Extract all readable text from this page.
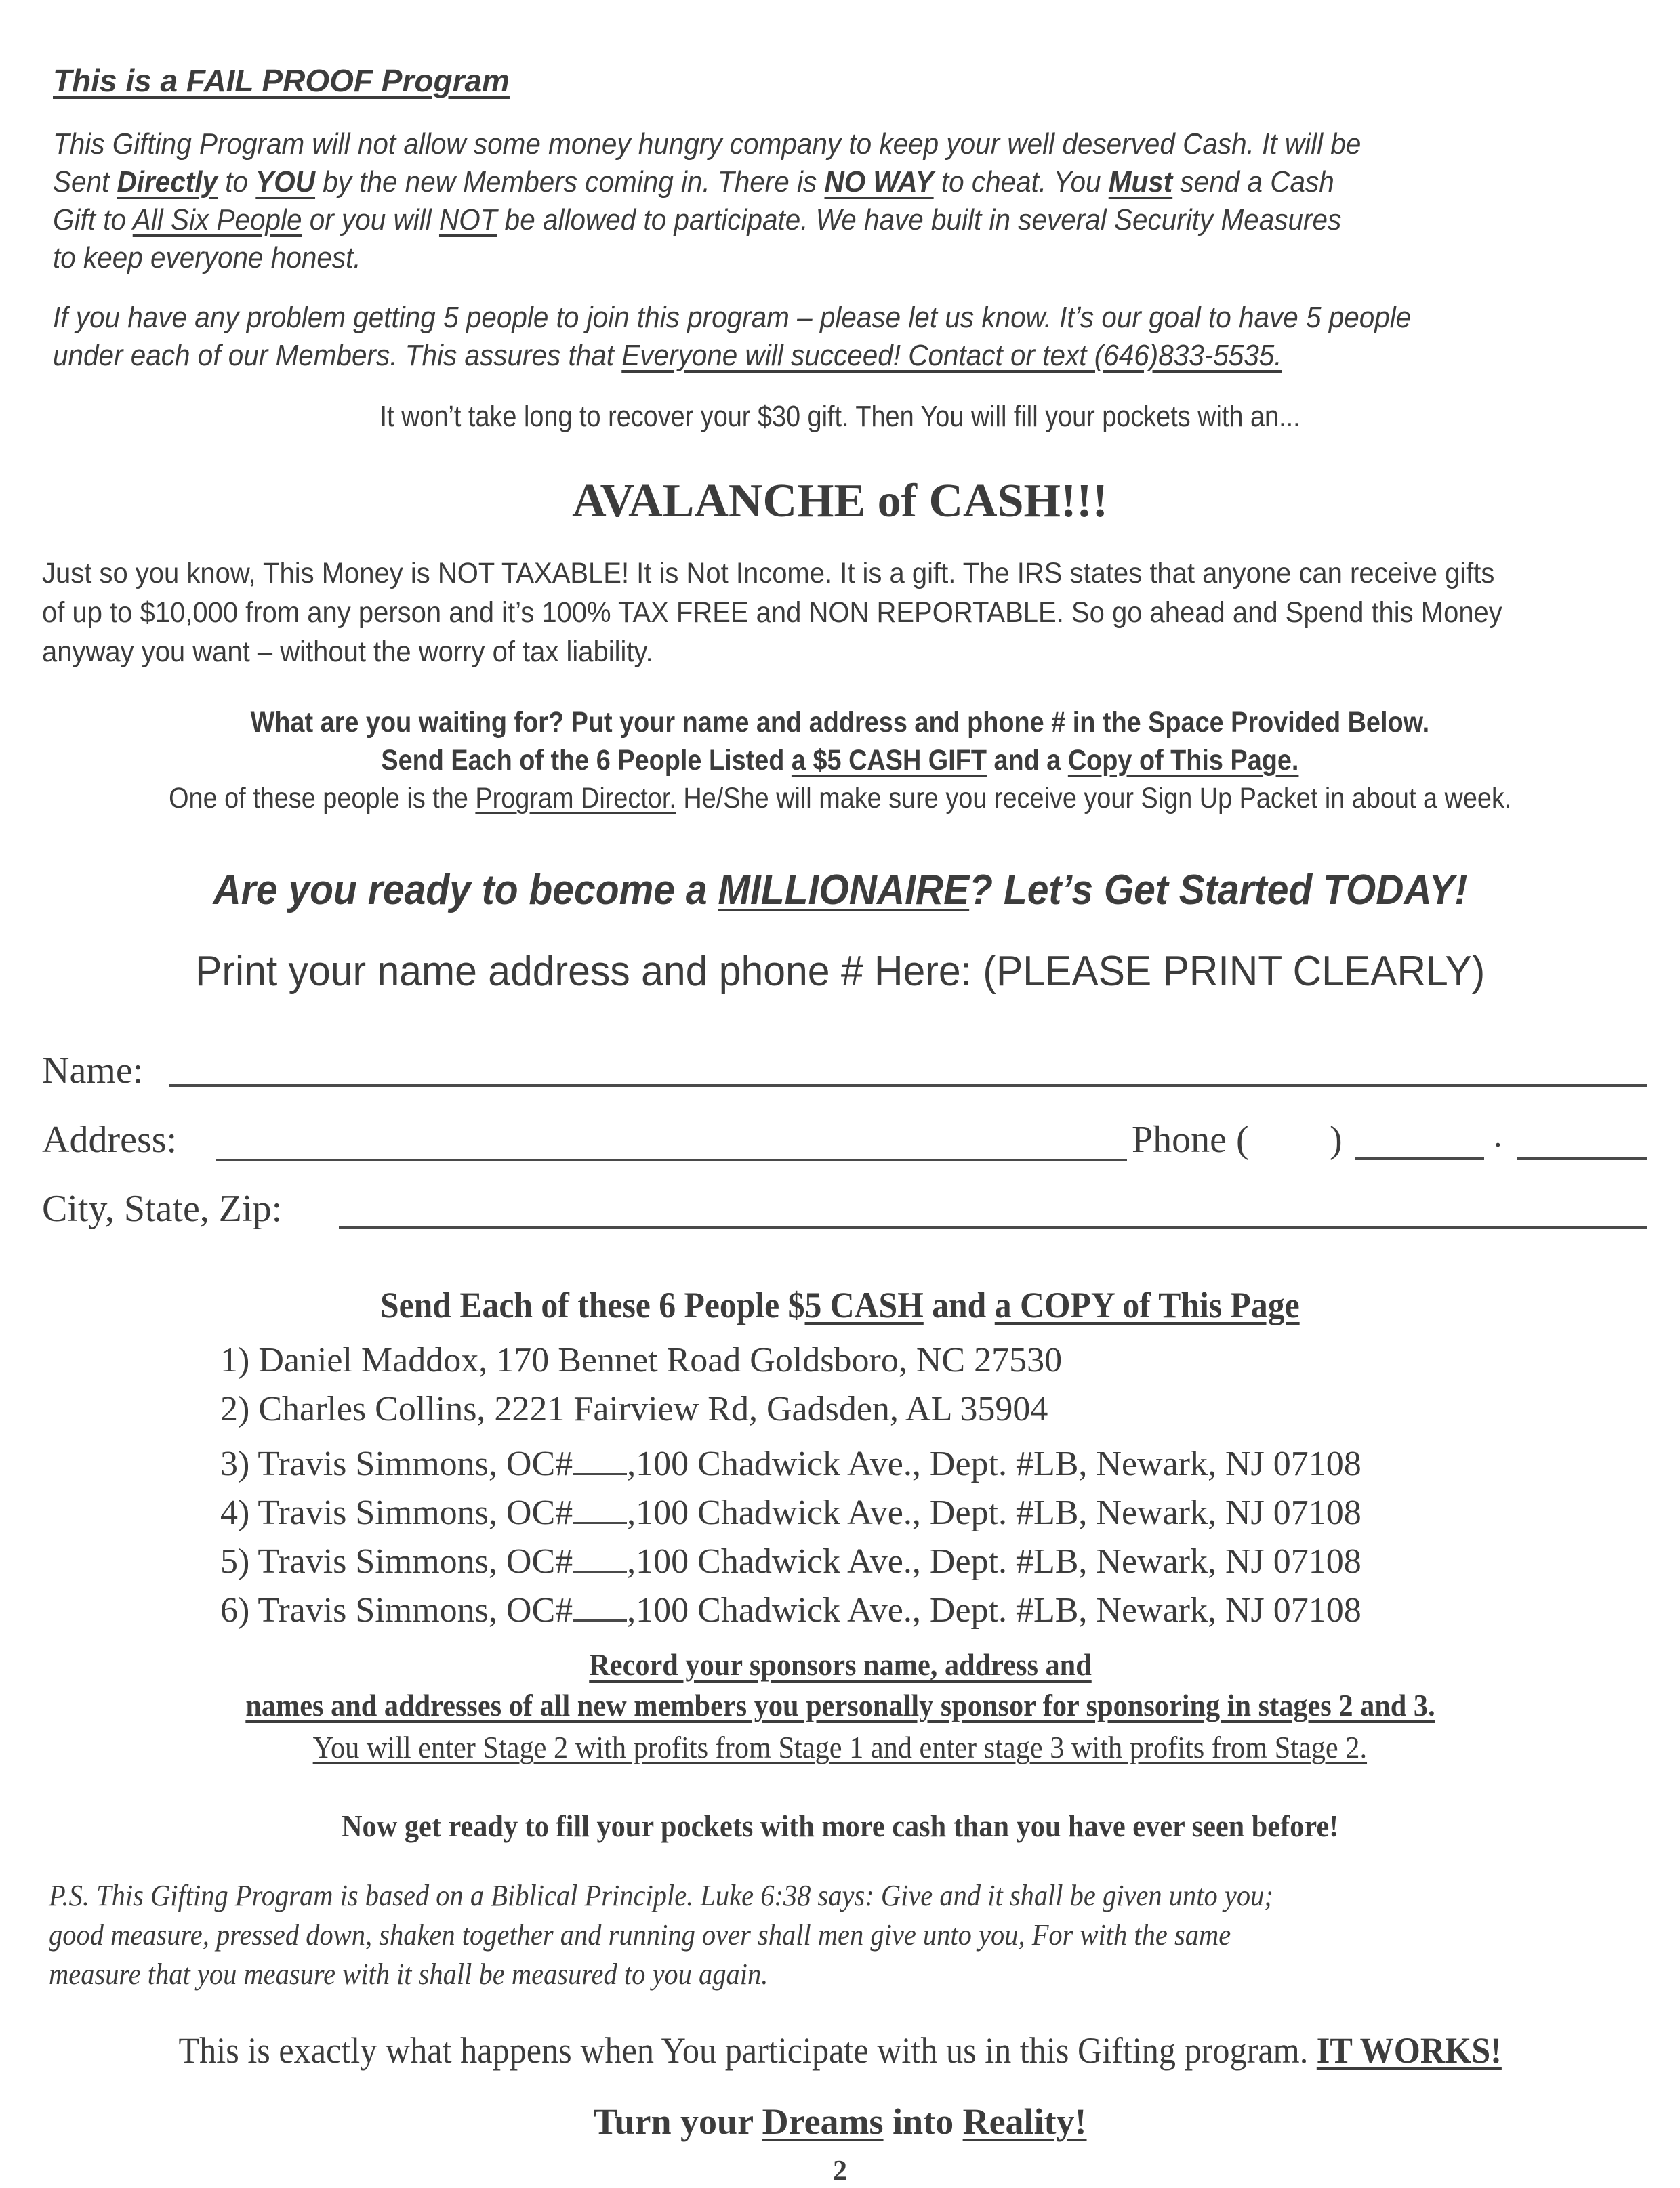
This is a FAIL PROOF Program
This Gifting Program will not allow some money hungry company to keep your well deserved Cash. It will be
Sent Directly to YOU by the new Members coming in. There is NO WAY to cheat. You Must send a Cash
Gift to All Six People or you will NOT be allowed to participate. We have built in several Security Measures
to keep everyone honest.
If you have any problem getting 5 people to join this program – please let us know. It’s our goal to have 5 people
under each of our Members. This assures that Everyone will succeed! Contact or text (646)833-5535.
It won’t take long to recover your $30 gift. Then You will fill your pockets with an...
AVALANCHE of CASH!!!
Just so you know, This Money is NOT TAXABLE! It is Not Income. It is a gift. The IRS states that anyone can receive gifts
of up to $10,000 from any person and it’s 100% TAX FREE and NON REPORTABLE. So go ahead and Spend this Money
anyway you want – without the worry of tax liability.
What are you waiting for? Put your name and address and phone # in the Space Provided Below.
Send Each of the 6 People Listed a $5 CASH GIFT and a Copy of This Page.
One of these people is the Program Director. He/She will make sure you receive your Sign Up Packet in about a week.
Are you ready to become a MILLIONAIRE? Let’s Get Started TODAY!
Print your name address and phone # Here: (PLEASE PRINT CLEARLY)
Name:
Address:	Phone ( )	·
City, State, Zip:
Send Each of these 6 People $5 CASH and a COPY of This Page
1) Daniel Maddox, 170 Bennet Road Goldsboro, NC 27530
2) Charles Collins, 2221 Fairview Rd, Gadsden, AL 35904
3) Travis Simmons, OC# ,100 Chadwick Ave., Dept. #LB, Newark, NJ 07108
4) Travis Simmons, OC# ,100 Chadwick Ave., Dept. #LB, Newark, NJ 07108
5) Travis Simmons, OC# ,100 Chadwick Ave., Dept. #LB, Newark, NJ 07108
6) Travis Simmons, OC# ,100 Chadwick Ave., Dept. #LB, Newark, NJ 07108
Record your sponsors name, address and
names and addresses of all new members you personally sponsor for sponsoring in stages 2 and 3.
You will enter Stage 2 with profits from Stage 1 and enter stage 3 with profits from Stage 2.
Now get ready to fill your pockets with more cash than you have ever seen before!
P.S. This Gifting Program is based on a Biblical Principle. Luke 6:38 says: Give and it shall be given unto you;
good measure, pressed down, shaken together and running over shall men give unto you, For with the same
measure that you measure with it shall be measured to you again.
This is exactly what happens when You participate with us in this Gifting program. IT WORKS!
Turn your Dreams into Reality!
2
